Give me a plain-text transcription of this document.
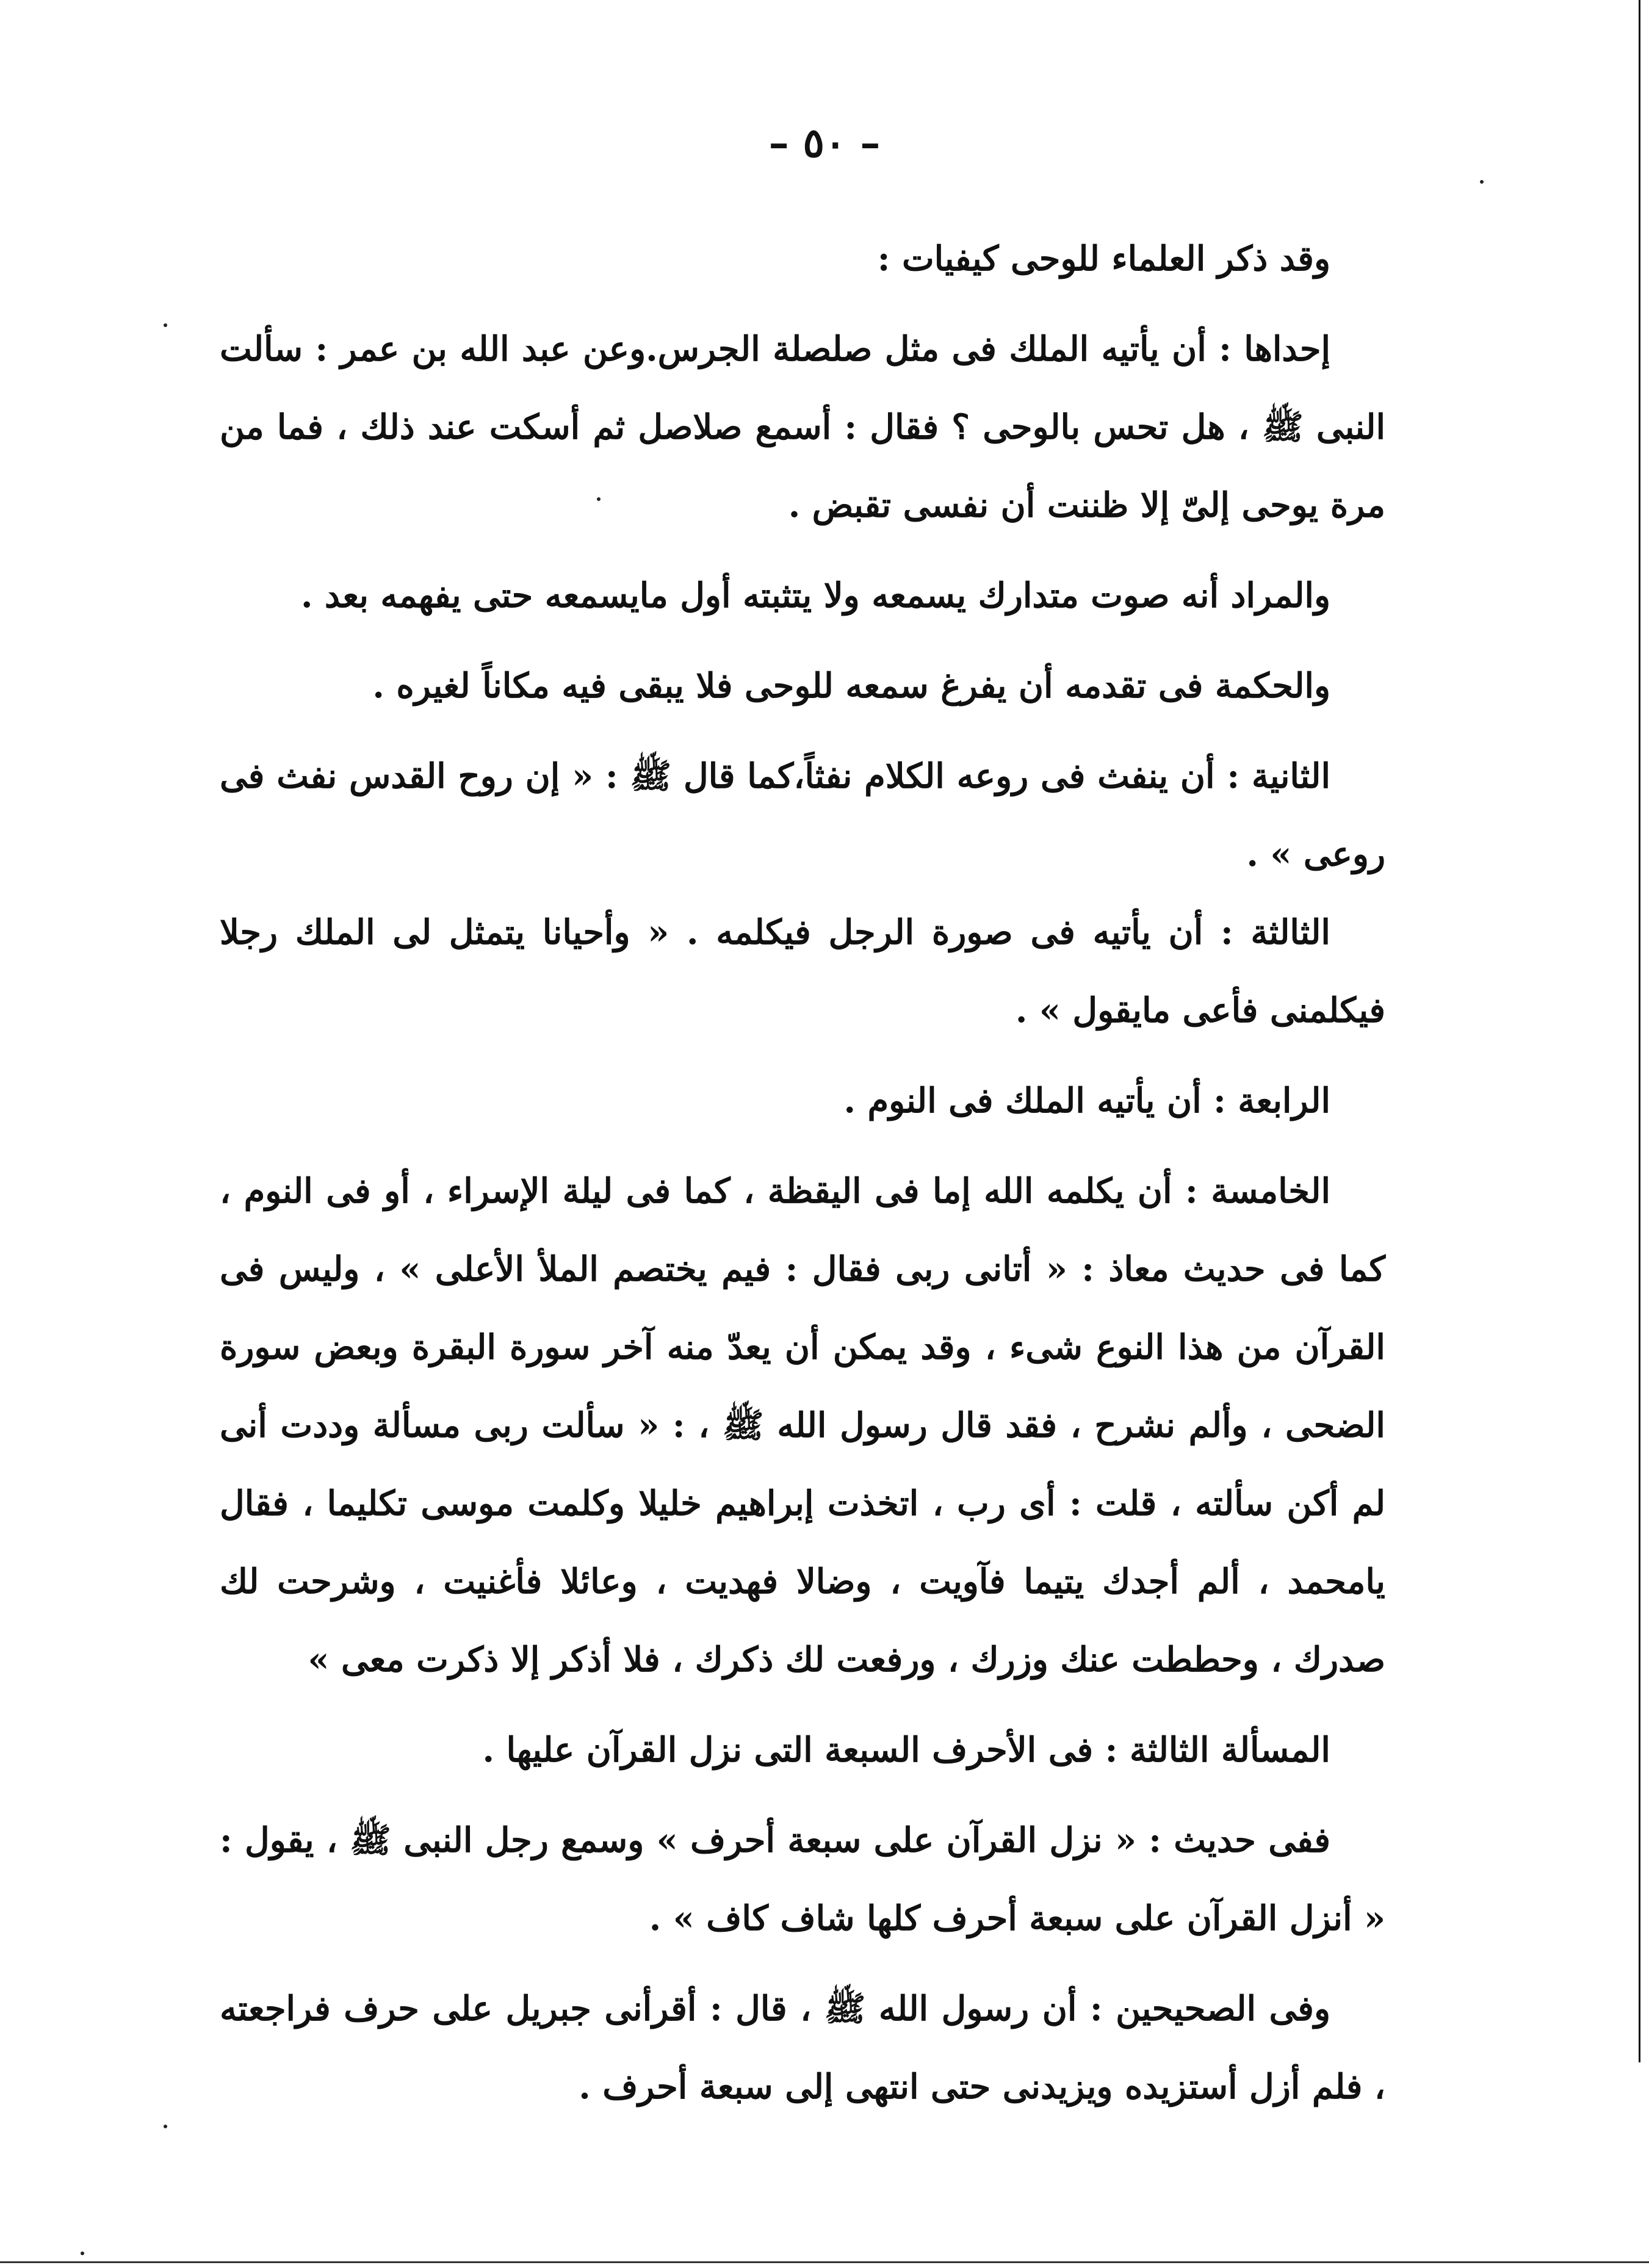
– ٥٠ –

وقد ذكر العلماء للوحى كيفيات :

إحداها : أن يأتيه الملك فى مثل صلصلة الجرس.وعن عبد الله بن عمر : سألت النبى ﷺ ، هل تحس بالوحى ؟ فقال : أسمع صلاصل ثم أسكت عند ذلك ، فما من مرة يوحى إلىّ إلا ظننت أن نفسى تقبض .

والمراد أنه صوت متدارك يسمعه ولا يتثبته أول مايسمعه حتى يفهمه بعد .

والحكمة فى تقدمه أن يفرغ سمعه للوحى فلا يبقى فيه مكاناً لغيره .

الثانية : أن ينفث فى روعه الكلام نفثاً،كما قال ﷺ : « إن روح القدس نفث فى روعى » .

الثالثة : أن يأتيه فى صورة الرجل فيكلمه . « وأحيانا يتمثل لى الملك رجلا فيكلمنى فأعى مايقول » .

الرابعة : أن يأتيه الملك فى النوم .

الخامسة : أن يكلمه الله إما فى اليقظة ، كما فى ليلة الإسراء ، أو فى النوم ، كما فى حديث معاذ : « أتانى ربى فقال : فيم يختصم الملأ الأعلى » ، وليس فى القرآن من هذا النوع شىء ، وقد يمكن أن يعدّ منه آخر سورة البقرة وبعض سورة الضحى ، وألم نشرح ، فقد قال رسول الله ﷺ ، : « سألت ربى مسألة وددت أنى لم أكن سألته ، قلت : أى رب ، اتخذت إبراهيم خليلا وكلمت موسى تكليما ، فقال يامحمد ، ألم أجدك يتيما فآويت ، وضالا فهديت ، وعائلا فأغنيت ، وشرحت لك صدرك ، وحططت عنك وزرك ، ورفعت لك ذكرك ، فلا أذكر إلا ذكرت معى »

المسألة الثالثة : فى الأحرف السبعة التى نزل القرآن عليها .

ففى حديث : « نزل القرآن على سبعة أحرف » وسمع رجل النبى ﷺ ، يقول : « أنزل القرآن على سبعة أحرف كلها شاف كاف » .

وفى الصحيحين : أن رسول الله ﷺ ، قال : أقرأنى جبريل على حرف فراجعته ، فلم أزل أستزيده ويزيدنى حتى انتهى إلى سبعة أحرف .
